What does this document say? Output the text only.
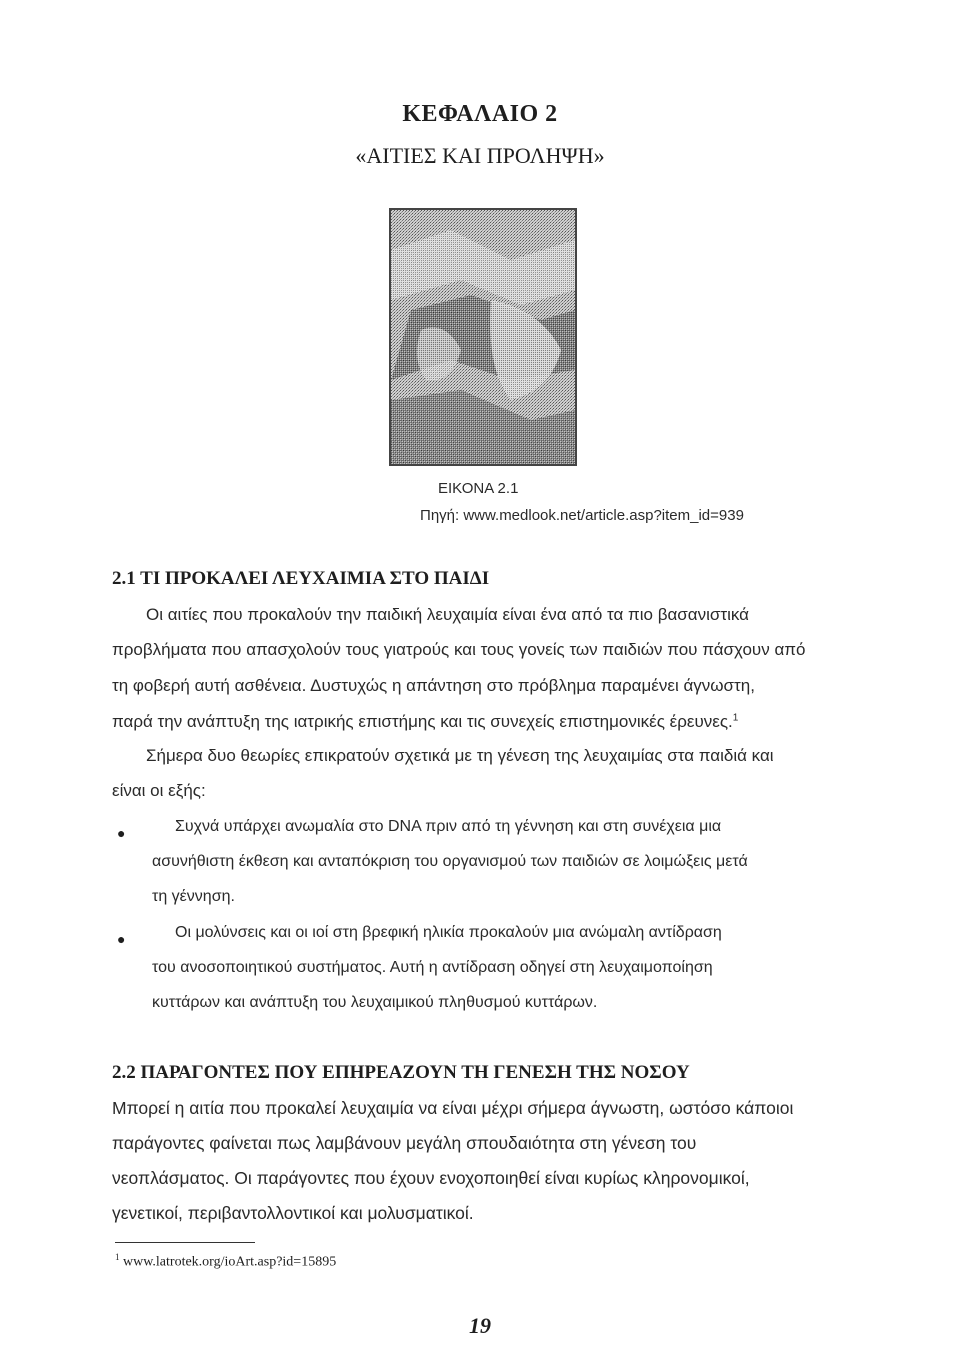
ΚΕΦΑΛΑΙΟ 2
«ΑΙΤΙΕΣ ΚΑΙ ΠΡΟΛΗΨΗ»
ΕΙΚΟΝΑ 2.1
Πηγή: www.medlook.net/article.asp?item_id=939
2.1 ΤΙ ΠΡΟΚΑΛΕΙ ΛΕΥΧΑΙΜΙΑ ΣΤΟ ΠΑΙΔΙ
Οι αιτίες που προκαλούν την παιδική λευχαιμία είναι ένα από τα πιο βασανιστικά
προβλήματα που απασχολούν τους γιατρούς και τους γονείς των παιδιών που πάσχουν από
τη φοβερή αυτή ασθένεια. Δυστυχώς η απάντηση στο πρόβλημα παραμένει άγνωστη,
παρά την ανάπτυξη της ιατρικής επιστήμης και τις συνεχείς επιστημονικές έρευνες.$^1$
Σήμερα δυο θεωρίες επικρατούν σχετικά με τη γένεση της λευχαιμίας στα παιδιά και
είναι οι εξής:
●	Συχνά υπάρχει ανωμαλία στο DNA πριν από τη γέννηση και στη συνέχεια μια
ασυνήθιστη έκθεση και ανταπόκριση του οργανισμού των παιδιών σε λοιμώξεις μετά
τη γέννηση.
●	Οι μολύνσεις και οι ιοί στη βρεφική ηλικία προκαλούν μια ανώμαλη αντίδραση
του ανοσοποιητικού συστήματος. Αυτή η αντίδραση οδηγεί στη λευχαιμοποίηση
κυττάρων και ανάπτυξη του λευχαιμικού πληθυσμού κυττάρων.
2.2 ΠΑΡΑΓΟΝΤΕΣ ΠΟΥ ΕΠΗΡΕΑΖΟΥΝ ΤΗ ΓΕΝΕΣΗ ΤΗΣ ΝΟΣΟΥ
Μπορεί η αιτία που προκαλεί λευχαιμία να είναι μέχρι σήμερα άγνωστη, ωστόσο κάποιοι
παράγοντες φαίνεται πως λαμβάνουν μεγάλη σπουδαιότητα στη γένεση του
νεοπλάσματος. Οι παράγοντες που έχουν ενοχοποιηθεί είναι κυρίως κληρονομικοί,
γενετικοί, περιβαντολλοντικοί και μολυσματικοί.
$^1$ www.latrotek.org/ioArt.asp?id=15895
19
